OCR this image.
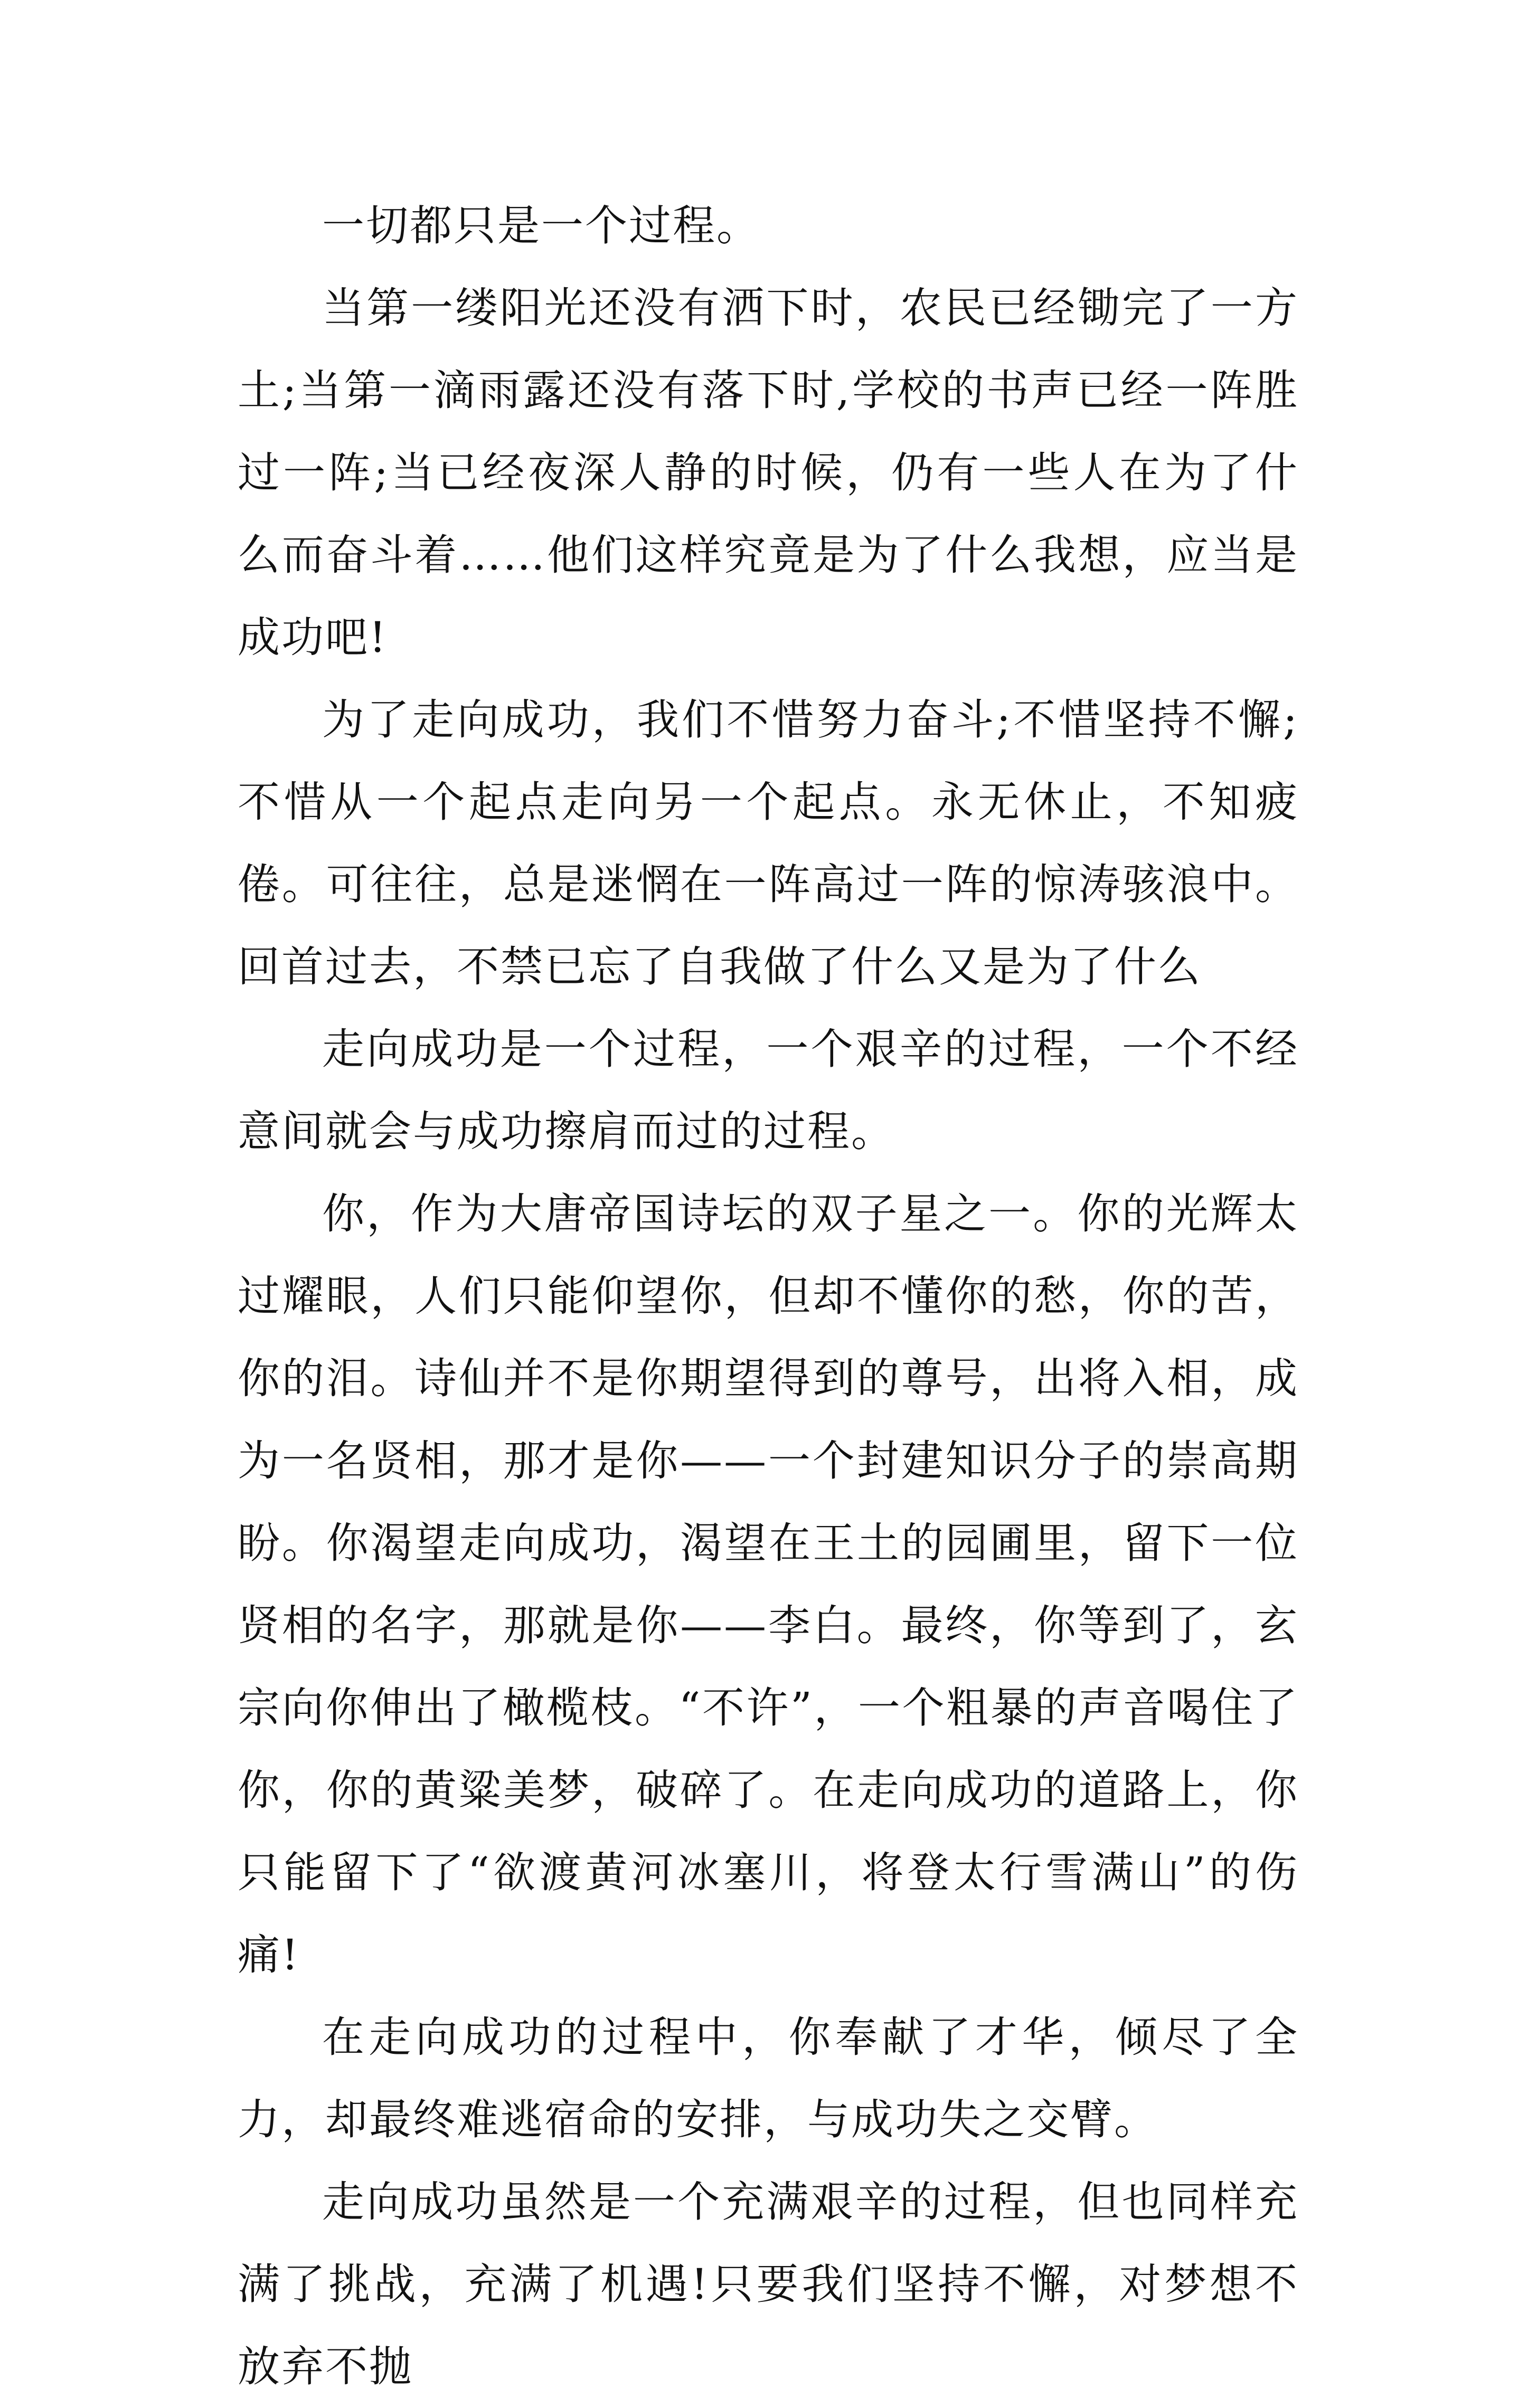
一切都只是一个过程。

当第一缕阳光还没有洒下时，农民已经锄完了一方土;当第一滴雨露还没有落下时,学校的书声已经一阵胜过一阵;当已经夜深人静的时候，仍有一些人在为了什么而奋斗着……他们这样究竟是为了什么我想，应当是成功吧!

为了走向成功，我们不惜努力奋斗;不惜坚持不懈;不惜从一个起点走向另一个起点。永无休止，不知疲倦。可往往，总是迷惘在一阵高过一阵的惊涛骇浪中。回首过去，不禁已忘了自我做了什么又是为了什么

走向成功是一个过程，一个艰辛的过程，一个不经意间就会与成功擦肩而过的过程。

你，作为大唐帝国诗坛的双子星之一。你的光辉太过耀眼，人们只能仰望你，但却不懂你的愁，你的苦，你的泪。诗仙并不是你期望得到的尊号，出将入相，成为一名贤相，那才是你——一个封建知识分子的崇高期盼。你渴望走向成功，渴望在王土的园圃里，留下一位贤相的名字，那就是你——李白。最终，你等到了，玄宗向你伸出了橄榄枝。“不许”，一个粗暴的声音喝住了你，你的黄粱美梦，破碎了。在走向成功的道路上，你只能留下了“欲渡黄河冰塞川，将登太行雪满山”的伤痛!

在走向成功的过程中，你奉献了才华，倾尽了全力，却最终难逃宿命的安排，与成功失之交臂。

走向成功虽然是一个充满艰辛的过程，但也同样充满了挑战，充满了机遇!只要我们坚持不懈，对梦想不放弃不抛
